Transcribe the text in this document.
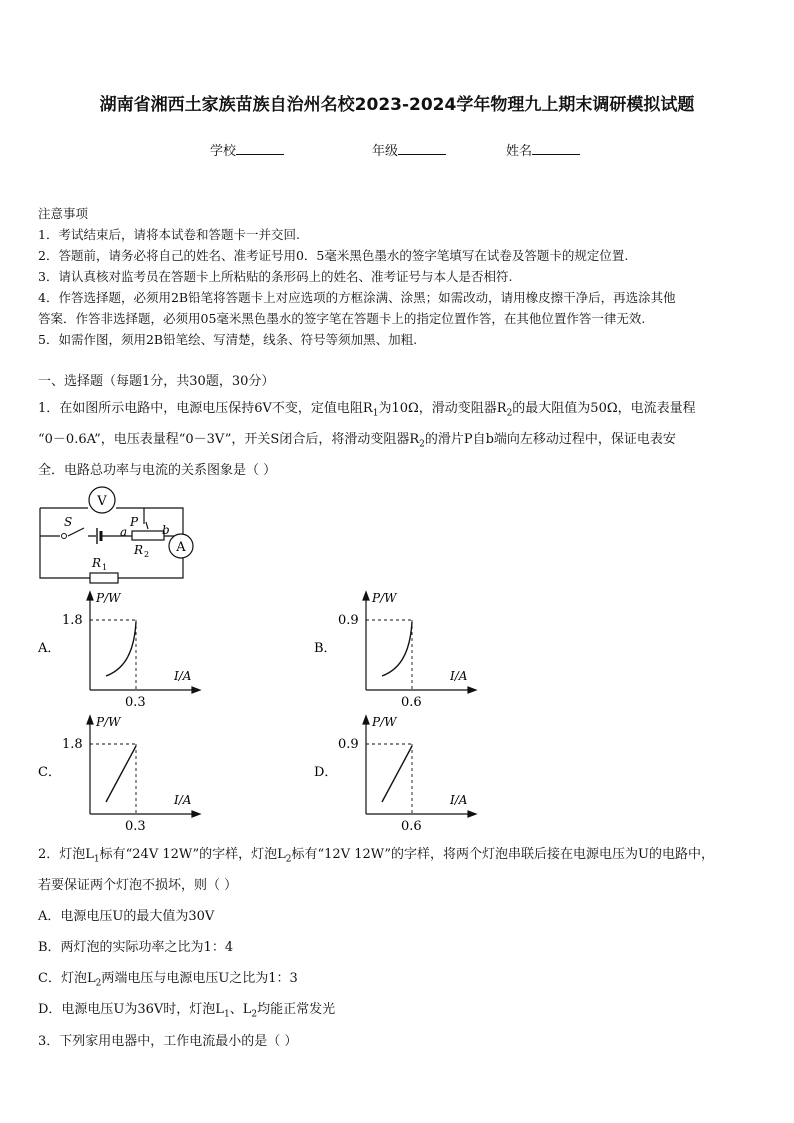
湖南省湘西土家族苗族自治州名校2023-2024学年物理九上期末调研模拟试题
学校	年级	姓名
注意事项
1．考试结束后，请将本试卷和答题卡一并交回.
2．答题前，请务必将自己的姓名、准考证号用0．5毫米黑色墨水的签字笔填写在试卷及答题卡的规定位置.
3．请认真核对监考员在答题卡上所粘贴的条形码上的姓名、准考证号与本人是否相符.
4．作答选择题，必须用2B铅笔将答题卡上对应选项的方框涂满、涂黑；如需改动，请用橡皮擦干净后，再选涂其他
答案．作答非选择题，必须用05毫米黑色墨水的签字笔在答题卡上的指定位置作答，在其他位置作答一律无效.
5．如需作图，须用2B铅笔绘、写清楚，线条、符号等须加黑、加粗.
一、选择题（每题1分，共30题，30分）
1．在如图所示电路中，电源电压保持6V不变，定值电阻$R_1$为10Ω，滑动变阻器$R_2$的最大阻值为50Ω，电流表量程
“0－0.6A”，电压表量程“0－3V”，开关S闭合后，将滑动变阻器$R_2$的滑片P自b端向左移动过程中，保证电表安
全．电路总功率与电流的关系图象是（ ）
V
A
S	P
a	b
R 2
R 1
P/W
I/A
1.8
0.3
A．
P/W
I/A
0.9
0.6
B．
P/W
I/A
1.8
0.3
C．
P/W
I/A
0.9
0.6
D．
2．灯泡$L_1$标有“24V 12W”的字样，灯泡$L_2$标有“12V 12W”的字样，将两个灯泡串联后接在电源电压为U的电路中，
若要保证两个灯泡不损坏，则（ ）
A．电源电压U的最大值为30V
B．两灯泡的实际功率之比为1：4
C．灯泡$L_2$两端电压与电源电压U之比为1：3
D．电源电压U为36V时，灯泡$L_1$、$L_2$均能正常发光
3．下列家用电器中，工作电流最小的是（ ）
